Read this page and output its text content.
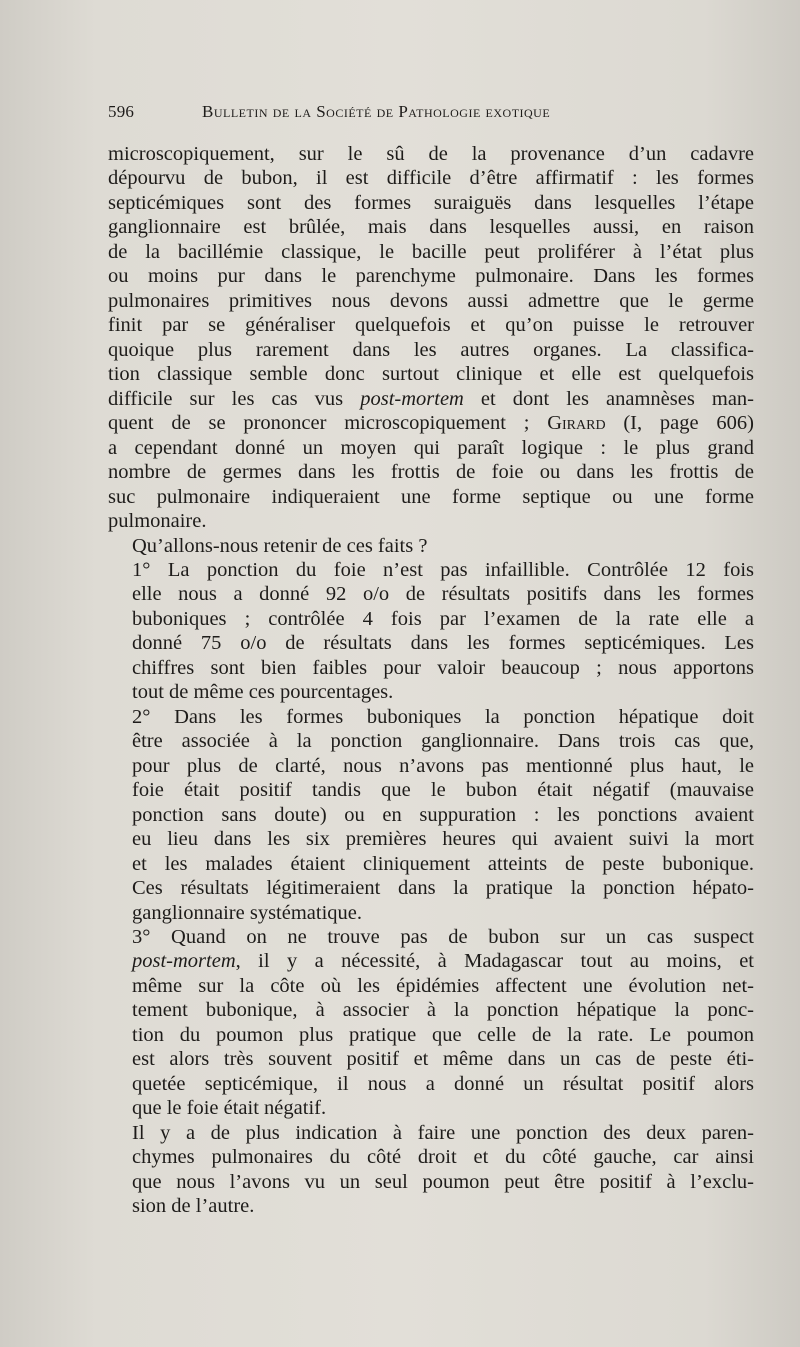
596	Bulletin de la Société de Pathologie exotique

microscopiquement, sur le sû de la provenance d’un cadavre
dépourvu de bubon, il est difficile d’être affirmatif : les formes
septicémiques sont des formes suraiguës dans lesquelles l’étape
ganglionnaire est brûlée, mais dans lesquelles aussi, en raison
de la bacillémie classique, le bacille peut proliférer à l’état plus
ou moins pur dans le parenchyme pulmonaire. Dans les formes
pulmonaires primitives nous devons aussi admettre que le germe
finit par se généraliser quelquefois et qu’on puisse le retrouver
quoique plus rarement dans les autres organes. La classifica-
tion classique semble donc surtout clinique et elle est quelquefois
difficile sur les cas vus post-mortem et dont les anamnèses man-
quent de se prononcer microscopiquement ; Girard (I, page 606)
a cependant donné un moyen qui paraît logique : le plus grand
nombre de germes dans les frottis de foie ou dans les frottis de
suc pulmonaire indiqueraient une forme septique ou une forme
pulmonaire.

Qu’allons-nous retenir de ces faits ?

1° La ponction du foie n’est pas infaillible. Contrôlée 12 fois
elle nous a donné 92 o/o de résultats positifs dans les formes
buboniques ; contrôlée 4 fois par l’examen de la rate elle a
donné 75 o/o de résultats dans les formes septicémiques. Les
chiffres sont bien faibles pour valoir beaucoup ; nous apportons
tout de même ces pourcentages.

2° Dans les formes buboniques la ponction hépatique doit
être associée à la ponction ganglionnaire. Dans trois cas que,
pour plus de clarté, nous n’avons pas mentionné plus haut, le
foie était positif tandis que le bubon était négatif (mauvaise
ponction sans doute) ou en suppuration : les ponctions avaient
eu lieu dans les six premières heures qui avaient suivi la mort
et les malades étaient cliniquement atteints de peste bubonique.
Ces résultats légitimeraient dans la pratique la ponction hépato-
ganglionnaire systématique.

3° Quand on ne trouve pas de bubon sur un cas suspect
post-mortem, il y a nécessité, à Madagascar tout au moins, et
même sur la côte où les épidémies affectent une évolution net-
tement bubonique, à associer à la ponction hépatique la ponc-
tion du poumon plus pratique que celle de la rate. Le poumon
est alors très souvent positif et même dans un cas de peste éti-
quetée septicémique, il nous a donné un résultat positif alors
que le foie était négatif.

Il y a de plus indication à faire une ponction des deux paren-
chymes pulmonaires du côté droit et du côté gauche, car ainsi
que nous l’avons vu un seul poumon peut être positif à l’exclu-
sion de l’autre.
